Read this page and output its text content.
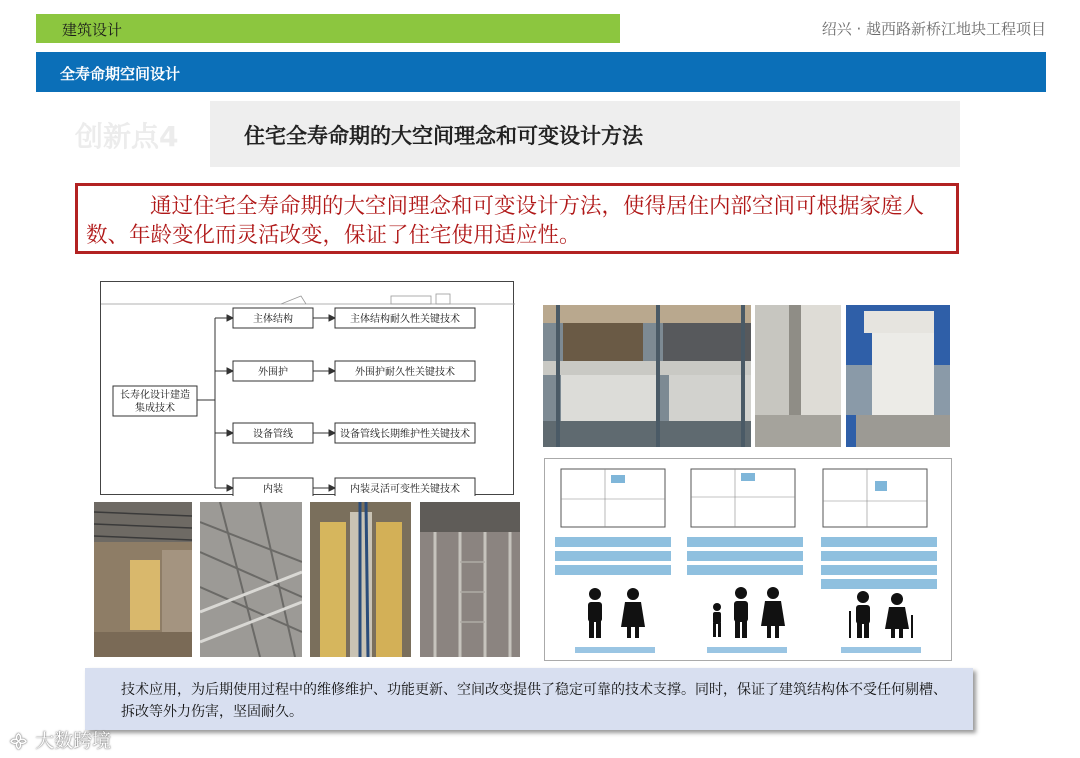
建筑设计	绍兴 · 越西路新桥江地块工程项目
全寿命期空间设计
创新点4	住宅全寿命期的大空间理念和可变设计方法

通过住宅全寿命期的大空间理念和可变设计方法，使得居住内部空间可根据家庭人数、年龄变化而灵活改变，保证了住宅使用适应性。

长寿化设计建造
集成技术
主体结构
外围护
设备管线
内装
主体结构耐久性关键技术
外围护耐久性关键技术
设备管线长期维护性关键技术
内装灵活可变性关键技术

技术应用，为后期使用过程中的维修维护、功能更新、空间改变提供了稳定可靠的技术支撑。同时，保证了建筑结构体不受任何剔槽、拆改等外力伤害，坚固耐久。

᯽ 大数跨境
